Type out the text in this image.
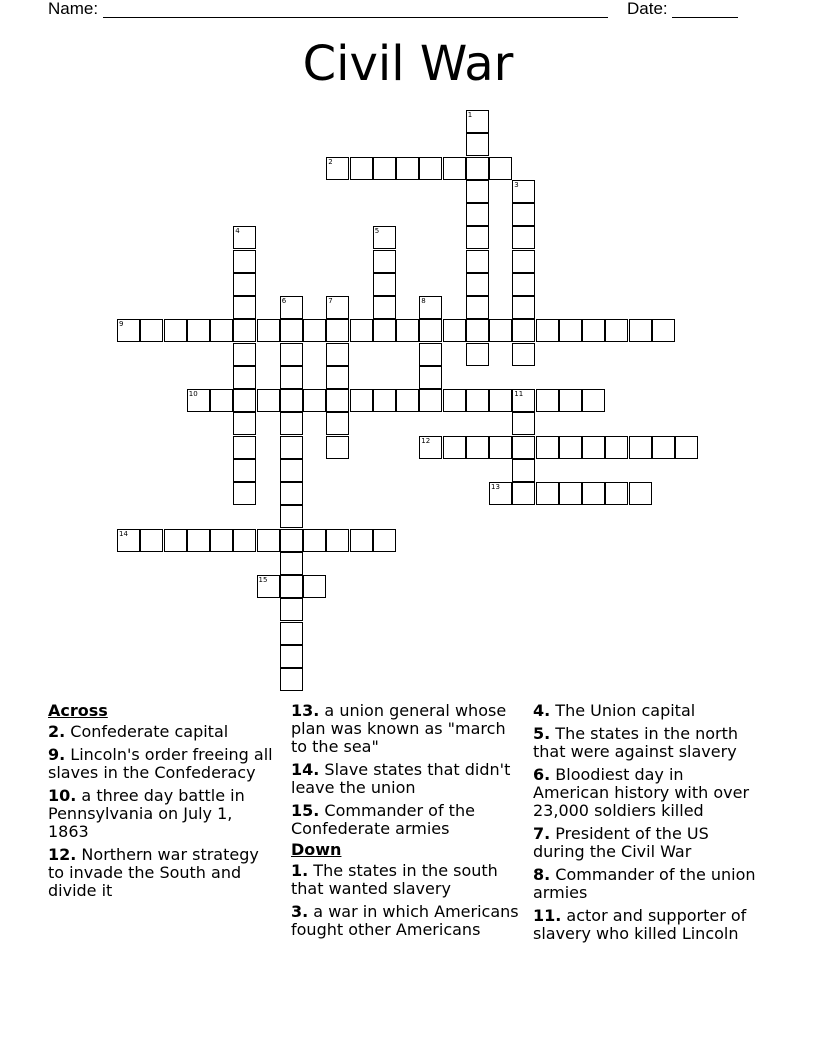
Name:	Date:
Civil War
1
2
3
4	5
6	7	8
9
10	11
12
13
14
15
Across
2. Confederate capital
9. Lincoln's order freeing all slaves in the Confederacy
10. a three day battle in Pennsylvania on July 1, 1863
12. Northern war strategy to invade the South and divide it
13. a union general whose plan was known as "march to the sea"
14. Slave states that didn't leave the union
15. Commander of the Confederate armies
Down
1. The states in the south that wanted slavery
3. a war in which Americans fought other Americans
4. The Union capital
5. The states in the north that were against slavery
6. Bloodiest day in American history with over 23,000 soldiers killed
7. President of the US during the Civil War
8. Commander of the union armies
11. actor and supporter of slavery who killed Lincoln
